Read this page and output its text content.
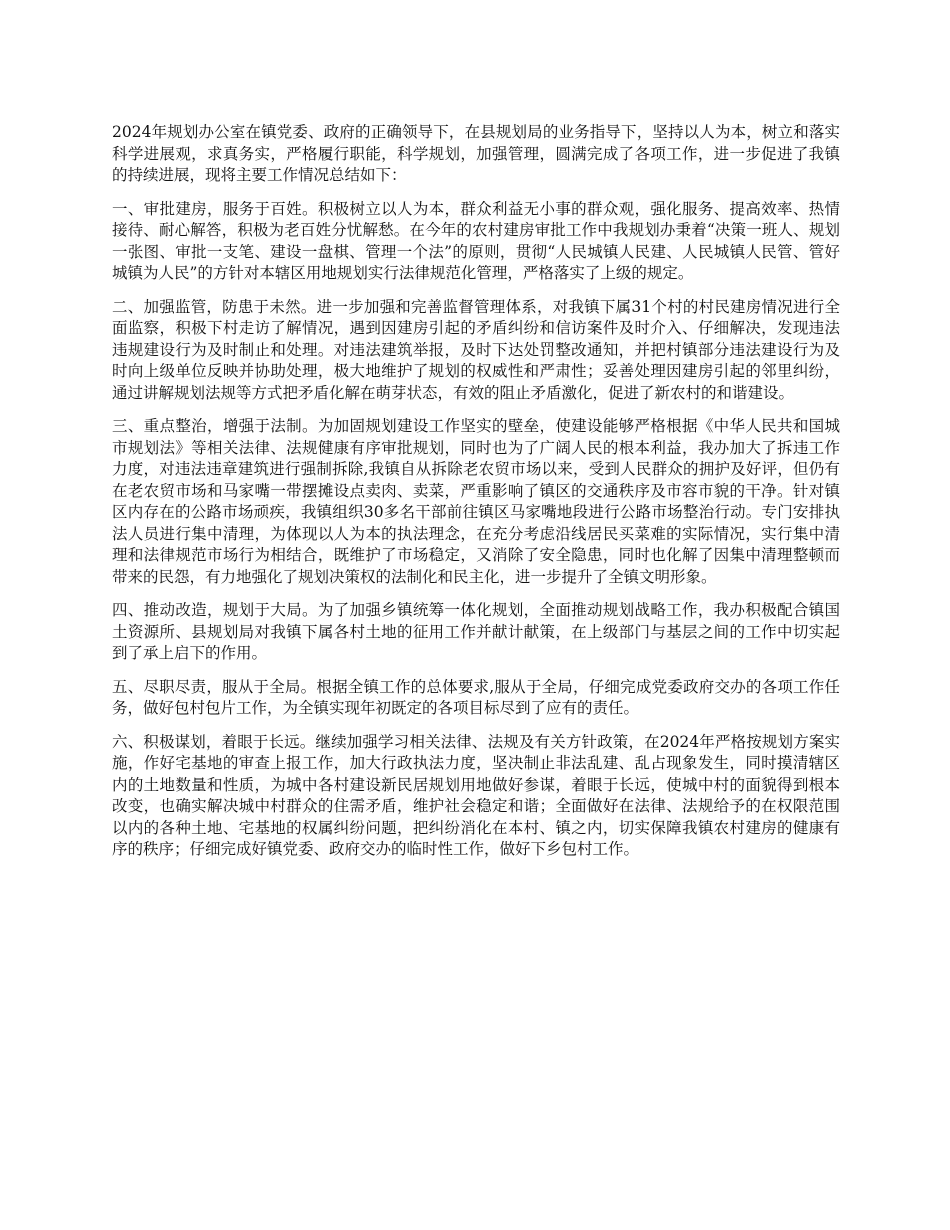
2024年规划办公室在镇党委、政府的正确领导下，在县规划局的业务指导下，坚持以人为本，树立和落实科学进展观，求真务实，严格履行职能，科学规划，加强管理，圆满完成了各项工作，进一步促进了我镇的持续进展，现将主要工作情况总结如下：

一、审批建房，服务于百姓。积极树立以人为本，群众利益无小事的群众观，强化服务、提高效率、热情接待、耐心解答，积极为老百姓分忧解愁。在今年的农村建房审批工作中我规划办秉着“决策一班人、规划一张图、审批一支笔、建设一盘棋、管理一个法”的原则，贯彻“人民城镇人民建、人民城镇人民管、管好城镇为人民”的方针对本辖区用地规划实行法律规范化管理，严格落实了上级的规定。

二、加强监管，防患于未然。进一步加强和完善监督管理体系，对我镇下属31个村的村民建房情况进行全面监察，积极下村走访了解情况，遇到因建房引起的矛盾纠纷和信访案件及时介入、仔细解决，发现违法违规建设行为及时制止和处理。对违法建筑举报，及时下达处罚整改通知，并把村镇部分违法建设行为及时向上级单位反映并协助处理，极大地维护了规划的权威性和严肃性；妥善处理因建房引起的邻里纠纷，通过讲解规划法规等方式把矛盾化解在萌芽状态，有效的阻止矛盾激化，促进了新农村的和谐建设。

三、重点整治，增强于法制。为加固规划建设工作坚实的壁垒，使建设能够严格根据《中华人民共和国城市规划法》等相关法律、法规健康有序审批规划，同时也为了广阔人民的根本利益，我办加大了拆违工作力度，对违法违章建筑进行强制拆除,我镇自从拆除老农贸市场以来，受到人民群众的拥护及好评，但仍有在老农贸市场和马家嘴一带摆摊设点卖肉、卖菜，严重影响了镇区的交通秩序及市容市貌的干净。针对镇区内存在的公路市场顽疾，我镇组织30多名干部前往镇区马家嘴地段进行公路市场整治行动。专门安排执法人员进行集中清理，为体现以人为本的执法理念，在充分考虑沿线居民买菜难的实际情况，实行集中清理和法律规范市场行为相结合，既维护了市场稳定，又消除了安全隐患，同时也化解了因集中清理整顿而带来的民怨，有力地强化了规划决策权的法制化和民主化，进一步提升了全镇文明形象。

四、推动改造，规划于大局。为了加强乡镇统筹一体化规划，全面推动规划战略工作，我办积极配合镇国土资源所、县规划局对我镇下属各村土地的征用工作并献计献策，在上级部门与基层之间的工作中切实起到了承上启下的作用。

五、尽职尽责，服从于全局。根据全镇工作的总体要求,服从于全局，仔细完成党委政府交办的各项工作任务，做好包村包片工作，为全镇实现年初既定的各项目标尽到了应有的责任。

六、积极谋划，着眼于长远。继续加强学习相关法律、法规及有关方针政策，在2024年严格按规划方案实施，作好宅基地的审查上报工作，加大行政执法力度，坚决制止非法乱建、乱占现象发生，同时摸清辖区内的土地数量和性质，为城中各村建设新民居规划用地做好参谋，着眼于长远，使城中村的面貌得到根本改变，也确实解决城中村群众的住需矛盾，维护社会稳定和谐；全面做好在法律、法规给予的在权限范围以内的各种土地、宅基地的权属纠纷问题，把纠纷消化在本村、镇之内，切实保障我镇农村建房的健康有序的秩序；仔细完成好镇党委、政府交办的临时性工作，做好下乡包村工作。
